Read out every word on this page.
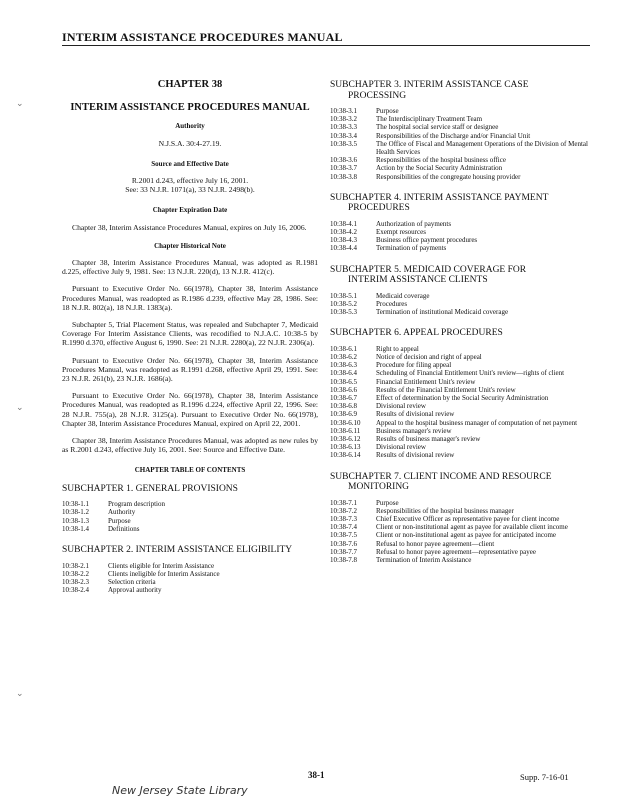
INTERIM ASSISTANCE PROCEDURES MANUAL
⌄
⌄
⌄
CHAPTER 38
INTERIM ASSISTANCE PROCEDURES MANUAL
Authority
N.J.S.A. 30:4-27.19.
Source and Effective Date
R.2001 d.243, effective July 16, 2001.
See: 33 N.J.R. 1071(a), 33 N.J.R. 2498(b).
Chapter Expiration Date

Chapter 38, Interim Assistance Procedures Manual, expires on July 16, 2006.

Chapter Historical Note

Chapter 38, Interim Assistance Procedures Manual, was adopted as R.1981 d.225, effective July 9, 1981. See: 13 N.J.R. 220(d), 13 N.J.R. 412(c).

Pursuant to Executive Order No. 66(1978), Chapter 38, Interim Assistance Procedures Manual, was readopted as R.1986 d.239, effective May 28, 1986. See: 18 N.J.R. 802(a), 18 N.J.R. 1383(a).

Subchapter 5, Trial Placement Status, was repealed and Subchapter 7, Medicaid Coverage For Interim Assistance Clients, was recodified to N.J.A.C. 10:38-5 by R.1990 d.370, effective August 6, 1990. See: 21 N.J.R. 2280(a), 22 N.J.R. 2306(a).

Pursuant to Executive Order No. 66(1978), Chapter 38, Interim Assistance Procedures Manual, was readopted as R.1991 d.268, effective April 29, 1991. See: 23 N.J.R. 261(b), 23 N.J.R. 1686(a).

Pursuant to Executive Order No. 66(1978), Chapter 38, Interim Assistance Procedures Manual, was readopted as R.1996 d.224, effective April 22, 1996. See: 28 N.J.R. 755(a), 28 N.J.R. 3125(a). Pursuant to Executive Order No. 66(1978), Chapter 38, Interim Assistance Procedures Manual, expired on April 22, 2001.

Chapter 38, Interim Assistance Procedures Manual, was adopted as new rules by as R.2001 d.243, effective July 16, 2001. See: Source and Effective Date.

CHAPTER TABLE OF CONTENTS
SUBCHAPTER 1. GENERAL PROVISIONS
10:38-1.1	Program description
10:38-1.2	Authority
10:38-1.3	Purpose
10:38-1.4	Definitions
SUBCHAPTER 2. INTERIM ASSISTANCE ELIGIBILITY
10:38-2.1	Clients eligible for Interim Assistance
10:38-2.2	Clients ineligible for Interim Assistance
10:38-2.3	Selection criteria
10:38-2.4	Approval authority
SUBCHAPTER 3. INTERIM ASSISTANCE CASE
PROCESSING
10:38-3.1	Purpose
10:38-3.2	The Interdisciplinary Treatment Team
10:38-3.3	The hospital social service staff or designee
10:38-3.4	Responsibilities of the Discharge and/or Financial Unit
10:38-3.5	The Office of Fiscal and Management Operations of the Division of Mental Health Services
10:38-3.6	Responsibilities of the hospital business office
10:38-3.7	Action by the Social Security Administration
10:38-3.8	Responsibilities of the congregate housing provider
SUBCHAPTER 4. INTERIM ASSISTANCE PAYMENT
PROCEDURES
10:38-4.1	Authorization of payments
10:38-4.2	Exempt resources
10:38-4.3	Business office payment procedures
10:38-4.4	Termination of payments
SUBCHAPTER 5. MEDICAID COVERAGE FOR
INTERIM ASSISTANCE CLIENTS
10:38-5.1	Medicaid coverage
10:38-5.2	Procedures
10:38-5.3	Termination of institutional Medicaid coverage
SUBCHAPTER 6. APPEAL PROCEDURES
10:38-6.1	Right to appeal
10:38-6.2	Notice of decision and right of appeal
10:38-6.3	Procedure for filing appeal
10:38-6.4	Scheduling of Financial Entitlement Unit's review—rights of client
10:38-6.5	Financial Entitlement Unit's review
10:38-6.6	Results of the Financial Entitlement Unit's review
10:38-6.7	Effect of determination by the Social Security Administration
10:38-6.8	Divisional review
10:38-6.9	Results of divisional review
10:38-6.10	Appeal to the hospital business manager of computation of net payment
10:38-6.11	Business manager's review
10:38-6.12	Results of business manager's review
10:38-6.13	Divisional review
10:38-6.14	Results of divisional review
SUBCHAPTER 7. CLIENT INCOME AND RESOURCE
MONITORING
10:38-7.1	Purpose
10:38-7.2	Responsibilities of the hospital business manager
10:38-7.3	Chief Executive Officer as representative payee for client income
10:38-7.4	Client or non-institutional agent as payee for available client income
10:38-7.5	Client or non-institutional agent as payee for anticipated income
10:38-7.6	Refusal to honor payee agreement—client
10:38-7.7	Refusal to honor payee agreement—representative payee
10:38-7.8	Termination of Interim Assistance
38-1	Supp. 7-16-01
New Jersey State Library
